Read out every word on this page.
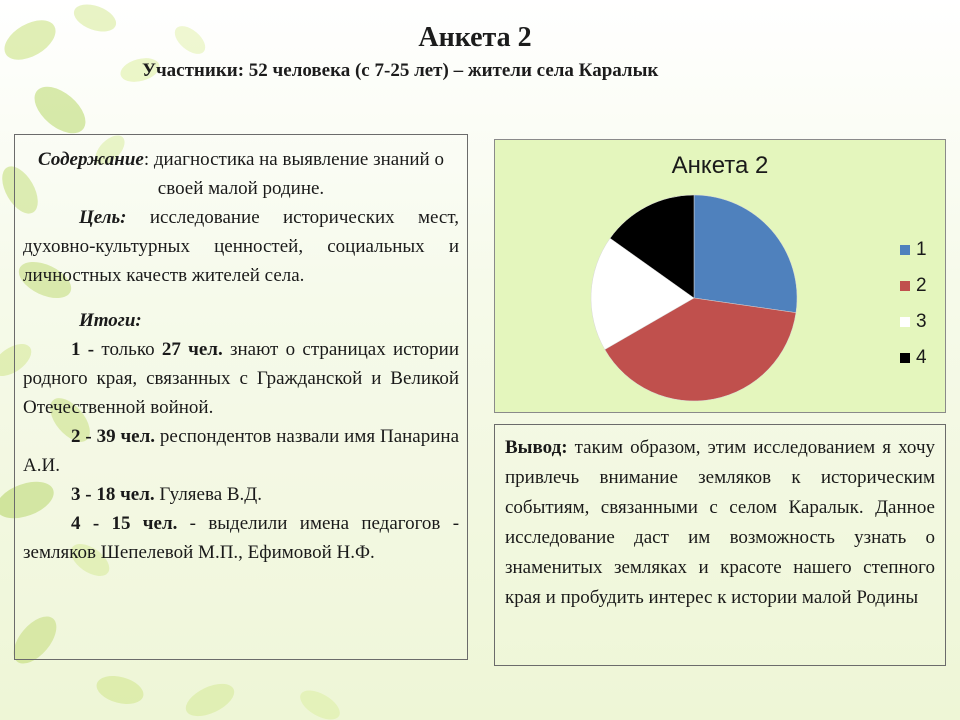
Анкета 2
Участники: 52 человека (с 7-25 лет) – жители села Каралык

Содержание: диагностика на выявление знаний о своей малой родине.

Цель: исследование исторических мест, духовно-культурных ценностей, социальных и личностных качеств жителей села.

Итоги:

1 - только 27 чел. знают о страницах истории родного края, связанных с Гражданской и Великой Отечественной войной.

2 - 39 чел. респондентов назвали имя Панарина А.И.

3 - 18 чел. Гуляева В.Д.

4 - 15 чел. - выделили имена педагогов - земляков Шепелевой М.П., Ефимовой Н.Ф.

Анкета 2
1
2
3
4

Вывод: таким образом, этим исследованием я хочу привлечь внимание земляков к историческим событиям, связанными с селом Каралык. Данное исследование даст им возможность узнать о знаменитых земляках и красоте нашего степного края и пробудить интерес к истории малой Родины
